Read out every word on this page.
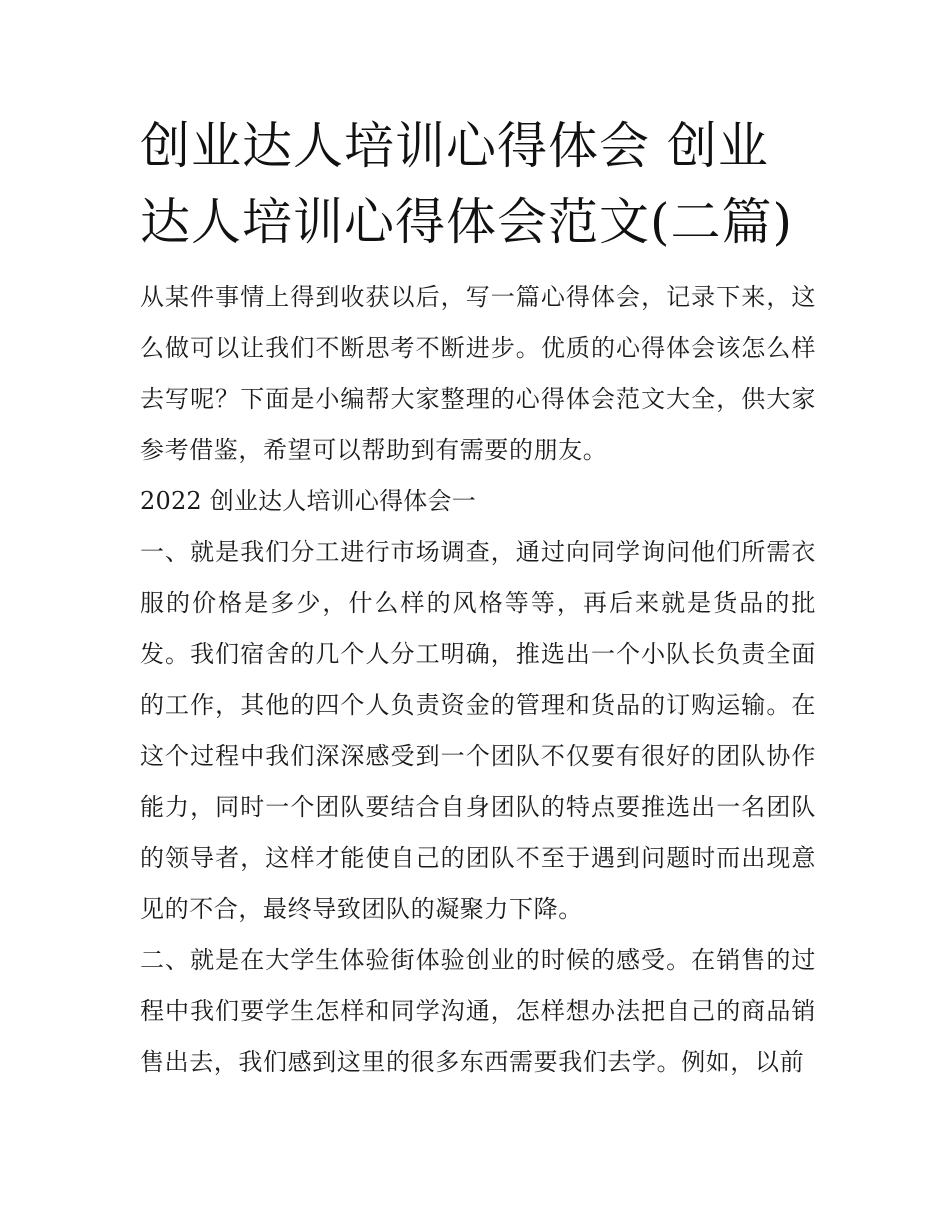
创业达人培训心得体会 创业达人培训心得体会范文(二篇)

从某件事情上得到收获以后，写一篇心得体会，记录下来，这么做可以让我们不断思考不断进步。优质的心得体会该怎么样去写呢？下面是小编帮大家整理的心得体会范文大全，供大家参考借鉴，希望可以帮助到有需要的朋友。

2022 创业达人培训心得体会一

一、就是我们分工进行市场调查，通过向同学询问他们所需衣服的价格是多少，什么样的风格等等，再后来就是货品的批发。我们宿舍的几个人分工明确，推选出一个小队长负责全面的工作，其他的四个人负责资金的管理和货品的订购运输。在这个过程中我们深深感受到一个团队不仅要有很好的团队协作能力，同时一个团队要结合自身团队的特点要推选出一名团队的领导者，这样才能使自己的团队不至于遇到问题时而出现意见的不合，最终导致团队的凝聚力下降。

二、就是在大学生体验街体验创业的时候的感受。在销售的过程中我们要学生怎样和同学沟通，怎样想办法把自己的商品销售出去，我们感到这里的很多东西需要我们去学。例如，以前
